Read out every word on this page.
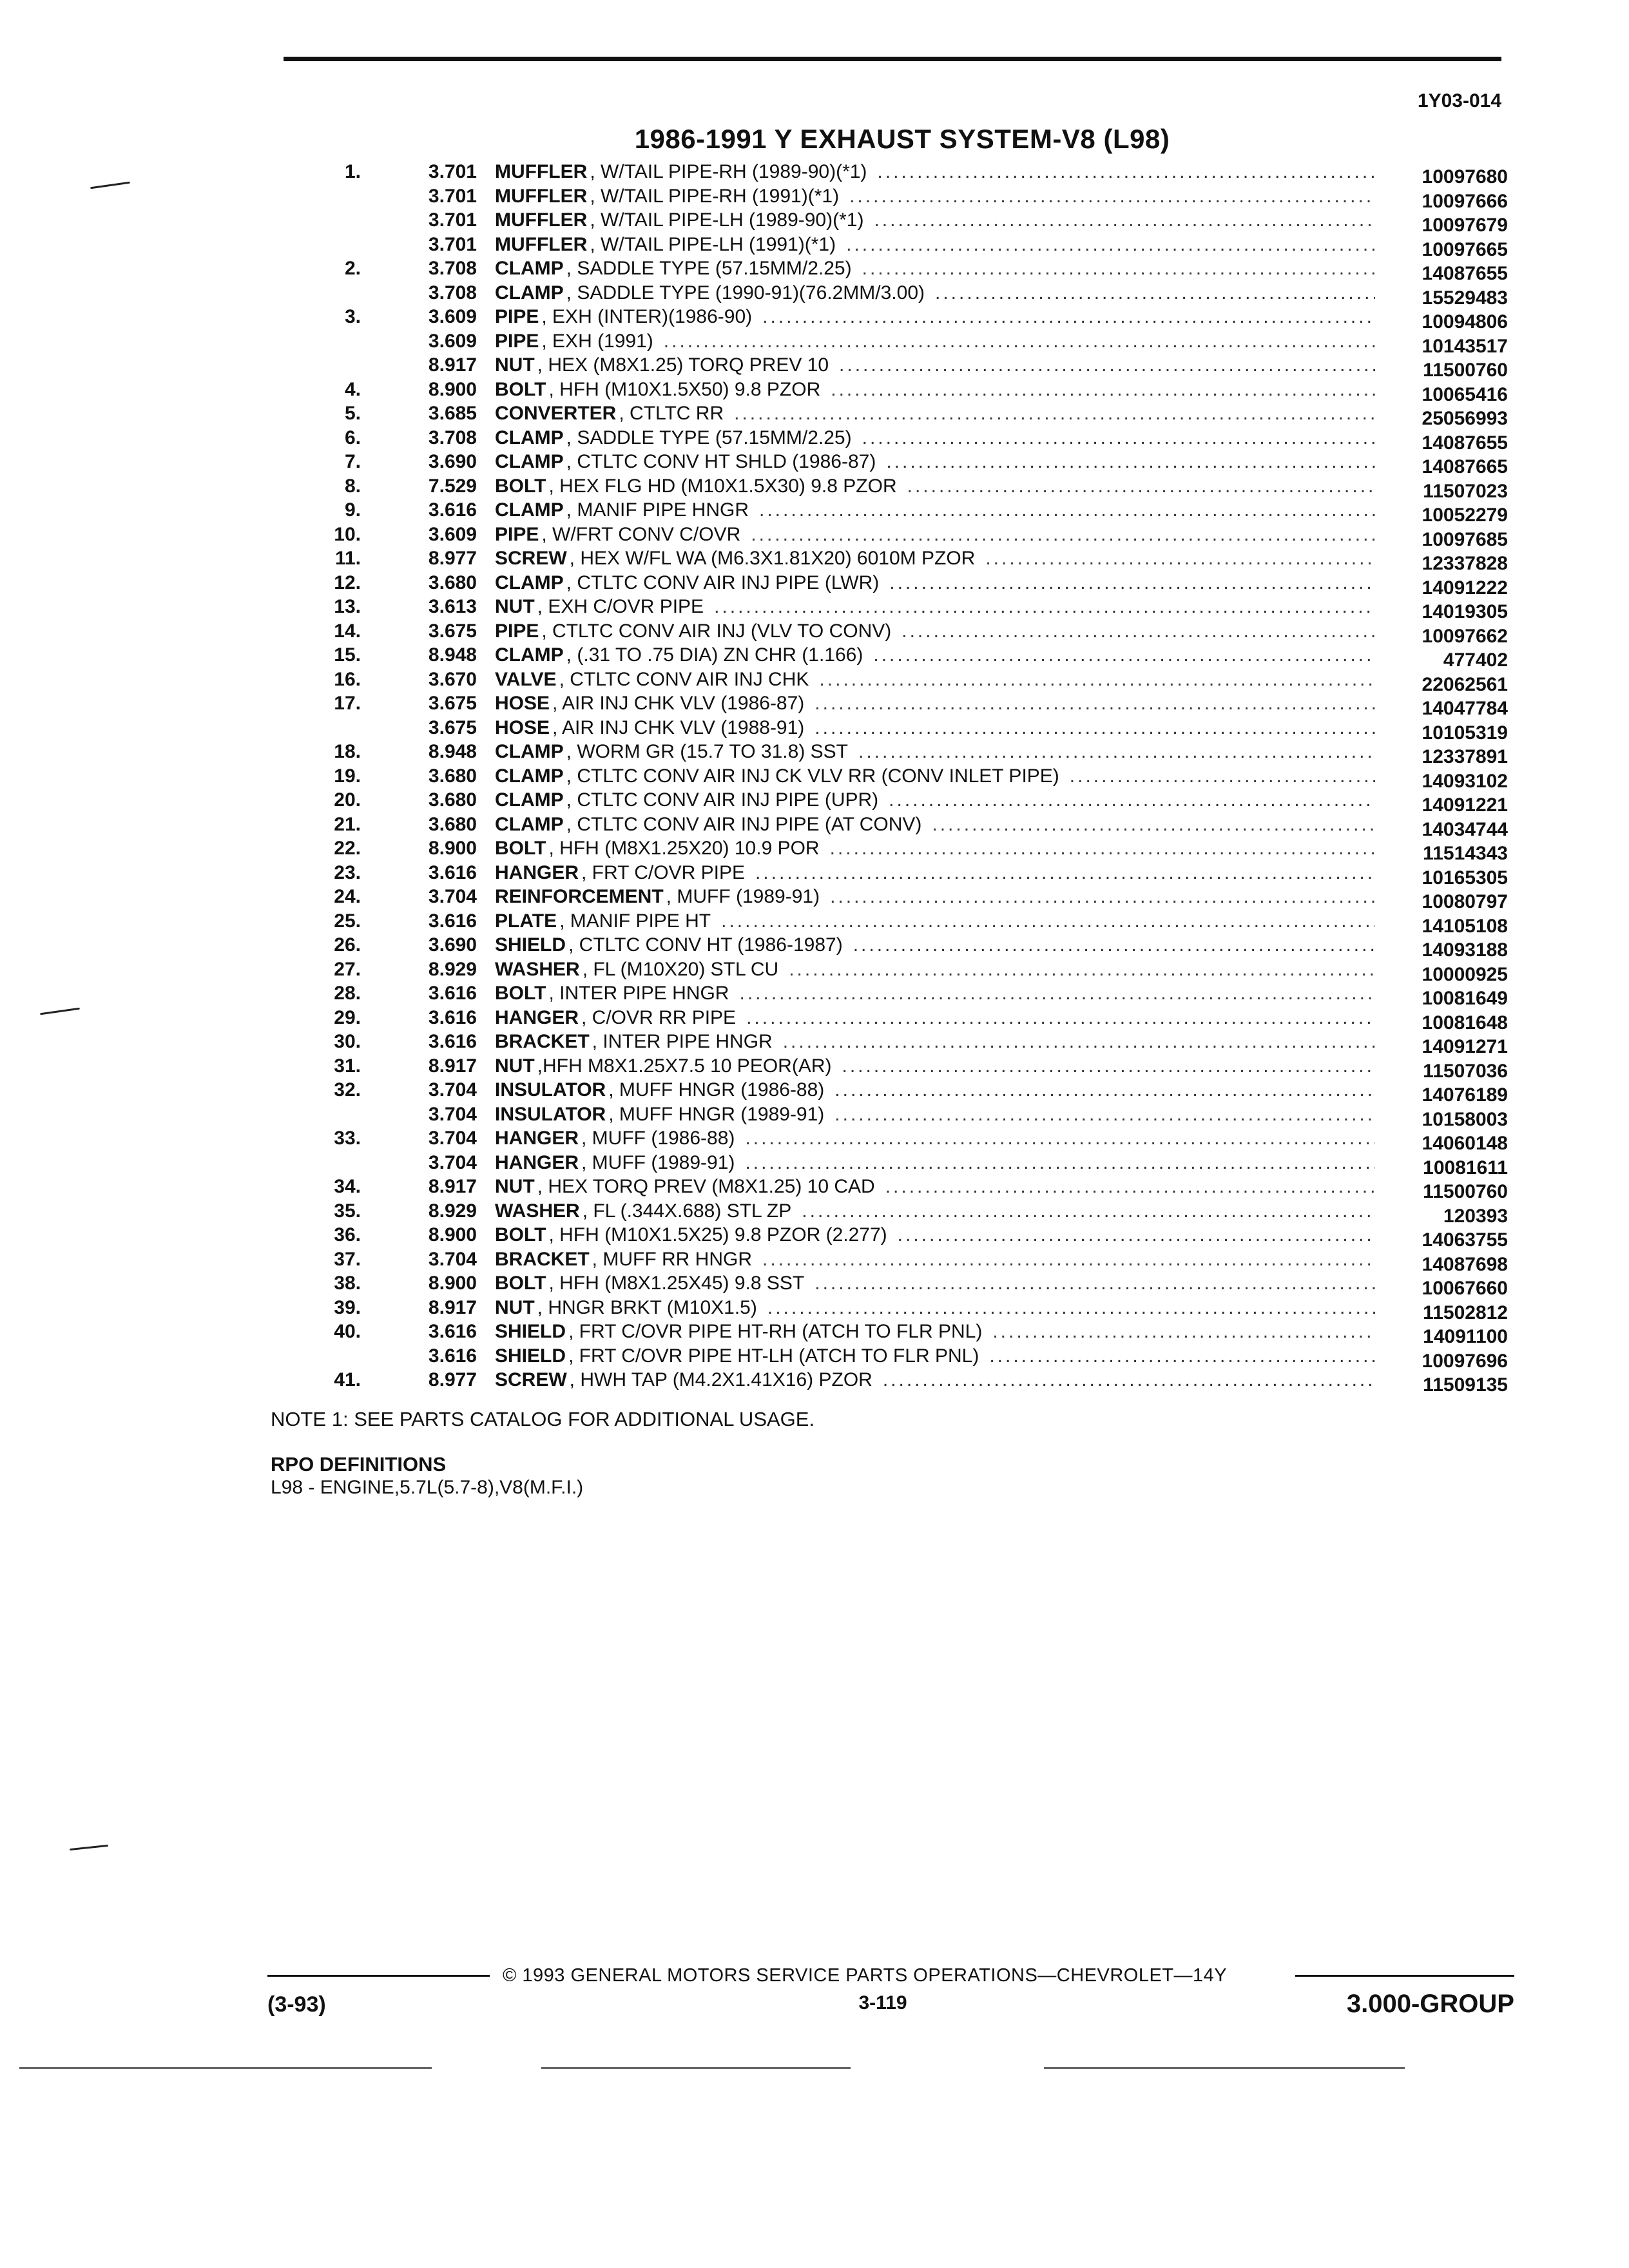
1Y03-014
1986-1991 Y EXHAUST SYSTEM-V8 (L98)
1.	3.701 MUFFLER , W/TAIL PIPE-RH (1989-90)(*1) .....	10097680
3.701 MUFFLER , W/TAIL PIPE-RH (1991)(*1) .....	10097666
3.701 MUFFLER , W/TAIL PIPE-LH (1989-90)(*1) .....	10097679
3.701 MUFFLER , W/TAIL PIPE-LH (1991)(*1) .....	10097665
2.	3.708 CLAMP , SADDLE TYPE (57.15MM/2.25) .....	14087655
3.708 CLAMP , SADDLE TYPE (1990-91)(76.2MM/3.00) .....	15529483
3.	3.609 PIPE , EXH (INTER)(1986-90) .....	10094806
3.609 PIPE , EXH (1991) .....	10143517
8.917 NUT , HEX (M8X1.25) TORQ PREV 10 .....	11500760
4.	8.900 BOLT , HFH (M10X1.5X50) 9.8 PZOR .....	10065416
5.	3.685 CONVERTER , CTLTC RR .....	25056993
6.	3.708 CLAMP , SADDLE TYPE (57.15MM/2.25) .....	14087655
7.	3.690 CLAMP , CTLTC CONV HT SHLD (1986-87) .....	14087665
8.	7.529 BOLT , HEX FLG HD (M10X1.5X30) 9.8 PZOR .....	11507023
9.	3.616 CLAMP , MANIF PIPE HNGR .....	10052279
10.	3.609 PIPE , W/FRT CONV C/OVR .....	10097685
11.	8.977 SCREW , HEX W/FL WA (M6.3X1.81X20) 6010M PZOR .....	12337828
12.	3.680 CLAMP , CTLTC CONV AIR INJ PIPE (LWR) .....	14091222
13.	3.613 NUT , EXH C/OVR PIPE .....	14019305
14.	3.675 PIPE , CTLTC CONV AIR INJ (VLV TO CONV) .....	10097662
15.	8.948 CLAMP , (.31 TO .75 DIA) ZN CHR (1.166) .....	477402
16.	3.670 VALVE , CTLTC CONV AIR INJ CHK .....	22062561
17.	3.675 HOSE , AIR INJ CHK VLV (1986-87) .....	14047784
3.675 HOSE , AIR INJ CHK VLV (1988-91) .....	10105319
18.	8.948 CLAMP , WORM GR (15.7 TO 31.8) SST .....	12337891
19.	3.680 CLAMP , CTLTC CONV AIR INJ CK VLV RR (CONV INLET PIPE) .....	14093102
20.	3.680 CLAMP , CTLTC CONV AIR INJ PIPE (UPR) .....	14091221
21.	3.680 CLAMP , CTLTC CONV AIR INJ PIPE (AT CONV) .....	14034744
22.	8.900 BOLT , HFH (M8X1.25X20) 10.9 POR .....	11514343
23.	3.616 HANGER , FRT C/OVR PIPE .....	10165305
24.	3.704 REINFORCEMENT , MUFF (1989-91) .....	10080797
25.	3.616 PLATE , MANIF PIPE HT .....	14105108
26.	3.690 SHIELD , CTLTC CONV HT (1986-1987) .....	14093188
27.	8.929 WASHER , FL (M10X20) STL CU .....	10000925
28.	3.616 BOLT , INTER PIPE HNGR .....	10081649
29.	3.616 HANGER , C/OVR RR PIPE .....	10081648
30.	3.616 BRACKET , INTER PIPE HNGR .....	14091271
31.	8.917 NUT ,HFH M8X1.25X7.5 10 PEOR(AR) .....	11507036
32.	3.704 INSULATOR , MUFF HNGR (1986-88) .....	14076189
3.704 INSULATOR , MUFF HNGR (1989-91) .....	10158003
33.	3.704 HANGER , MUFF (1986-88) .....	14060148
3.704 HANGER , MUFF (1989-91) .....	10081611
34.	8.917 NUT , HEX TORQ PREV (M8X1.25) 10 CAD .....	11500760
35.	8.929 WASHER , FL (.344X.688) STL ZP .....	120393
36.	8.900 BOLT , HFH (M10X1.5X25) 9.8 PZOR (2.277) .....	14063755
37.	3.704 BRACKET , MUFF RR HNGR .....	14087698
38.	8.900 BOLT , HFH (M8X1.25X45) 9.8 SST .....	10067660
39.	8.917 NUT , HNGR BRKT (M10X1.5) .....	11502812
40.	3.616 SHIELD , FRT C/OVR PIPE HT-RH (ATCH TO FLR PNL) .....	14091100
3.616 SHIELD , FRT C/OVR PIPE HT-LH (ATCH TO FLR PNL) .....	10097696
41.	8.977 SCREW , HWH TAP (M4.2X1.41X16) PZOR .....	11509135
NOTE 1: SEE PARTS CATALOG FOR ADDITIONAL USAGE.
RPO DEFINITIONS
L98 - ENGINE,5.7L(5.7-8),V8(M.F.I.)
© 1993 GENERAL MOTORS SERVICE PARTS OPERATIONS—CHEVROLET—14Y
(3-93)	3-119	3.000-GROUP
